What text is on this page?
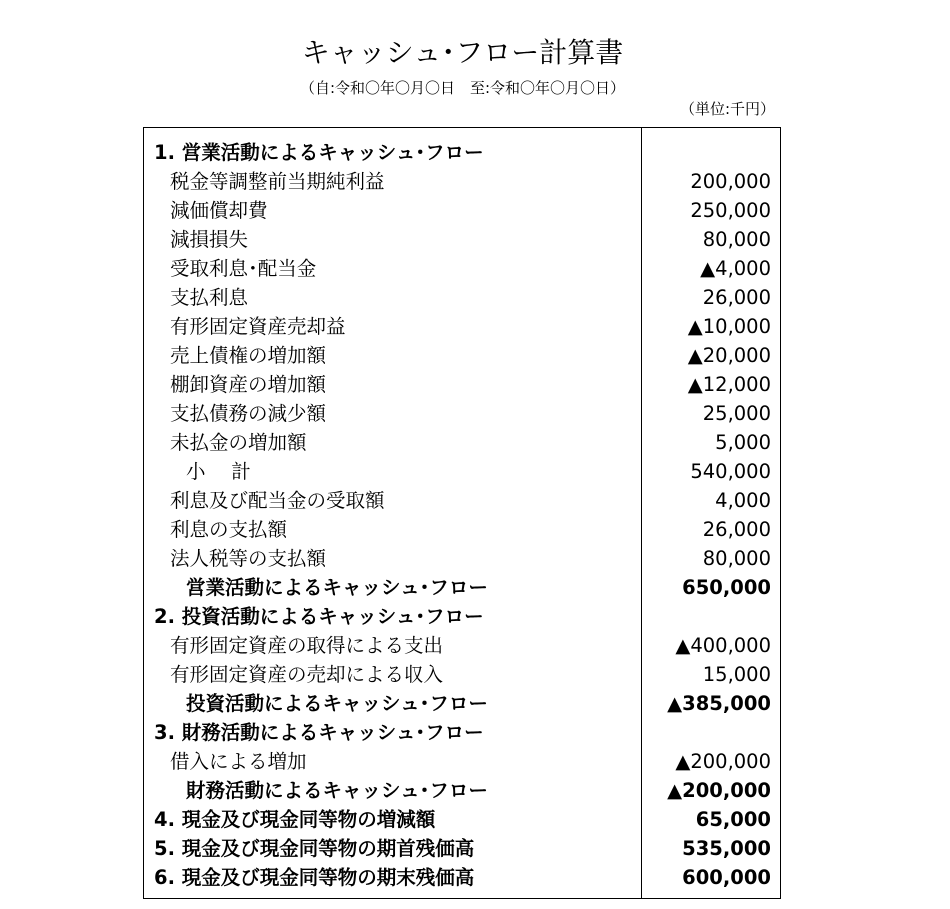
キャッシュ･フロー計算書
（自:令和〇年〇月〇日　至:令和〇年〇月〇日）
（単位:千円）
1. 営業活動によるキャッシュ･フロー
税金等調整前当期純利益	200,000
減価償却費	250,000
減損損失	80,000
受取利息･配当金	▲4,000
支払利息	26,000
有形固定資産売却益	▲10,000
売上債権の増加額	▲20,000
棚卸資産の増加額	▲12,000
支払債務の減少額	25,000
未払金の増加額	5,000
小　 計	540,000
利息及び配当金の受取額	4,000
利息の支払額	26,000
法人税等の支払額	80,000
営業活動によるキャッシュ･フロー	650,000
2. 投資活動によるキャッシュ･フロー
有形固定資産の取得による支出	▲400,000
有形固定資産の売却による収入	15,000
投資活動によるキャッシュ･フロー	▲385,000
3. 財務活動によるキャッシュ･フロー
借入による増加	▲200,000
財務活動によるキャッシュ･フロー	▲200,000
4. 現金及び現金同等物の増減額	65,000
5. 現金及び現金同等物の期首残価高	535,000
6. 現金及び現金同等物の期末残価高	600,000
